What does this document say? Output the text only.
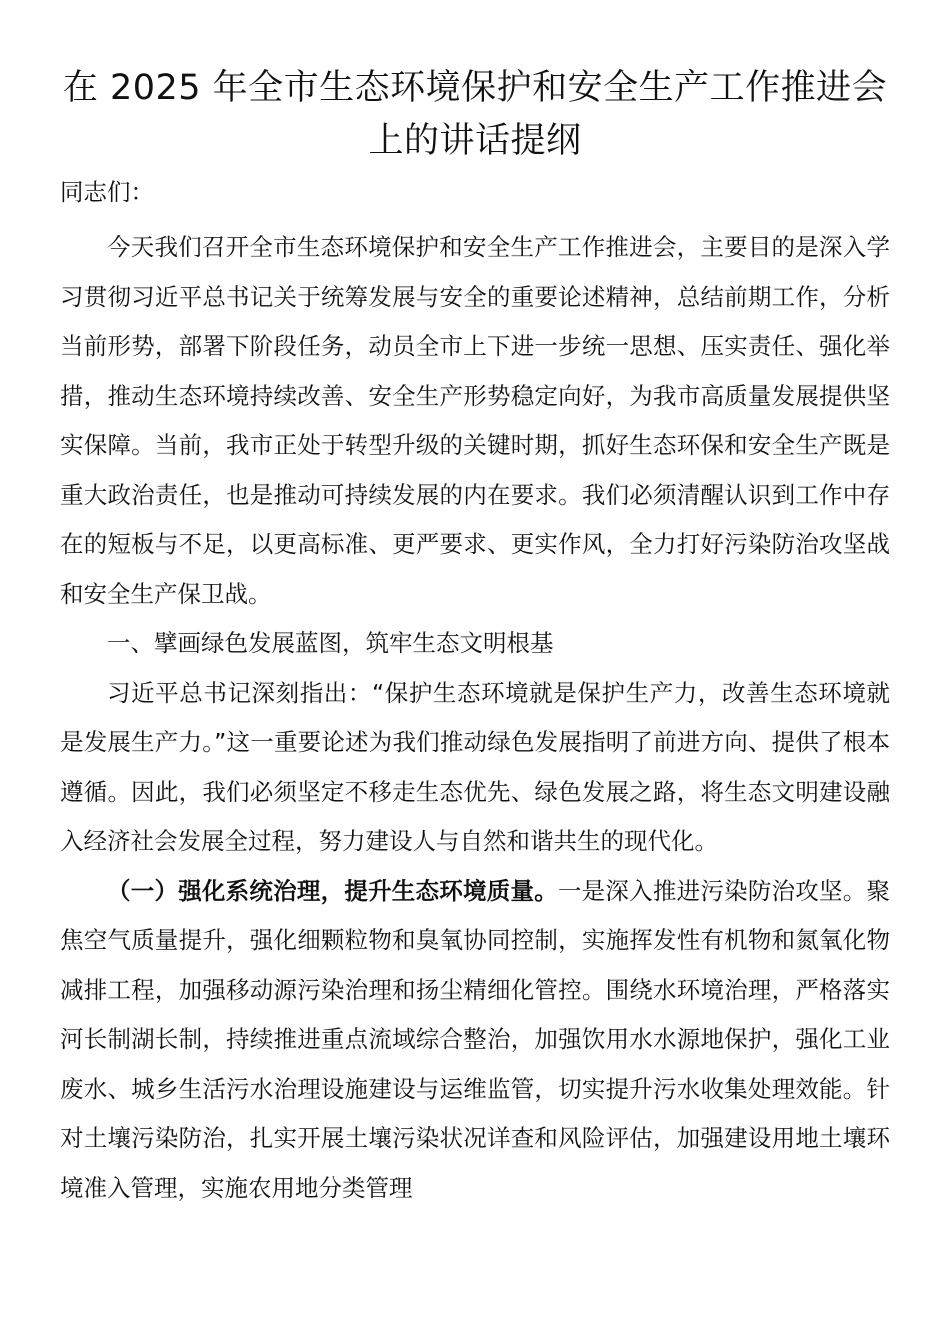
在 2025 年全市生态环境保护和安全生产工作推进会上的讲话提纲

同志们：

今天我们召开全市生态环境保护和安全生产工作推进会，主要目的是深入学习贯彻习近平总书记关于统筹发展与安全的重要论述精神，总结前期工作，分析当前形势，部署下阶段任务，动员全市上下进一步统一思想、压实责任、强化举措，推动生态环境持续改善、安全生产形势稳定向好，为我市高质量发展提供坚实保障。当前，我市正处于转型升级的关键时期，抓好生态环保和安全生产既是重大政治责任，也是推动可持续发展的内在要求。我们必须清醒认识到工作中存在的短板与不足，以更高标准、更严要求、更实作风，全力打好污染防治攻坚战和安全生产保卫战。

一、擘画绿色发展蓝图，筑牢生态文明根基

习近平总书记深刻指出：“保护生态环境就是保护生产力，改善生态环境就是发展生产力。”这一重要论述为我们推动绿色发展指明了前进方向、提供了根本遵循。因此，我们必须坚定不移走生态优先、绿色发展之路，将生态文明建设融入经济社会发展全过程，努力建设人与自然和谐共生的现代化。

（一）强化系统治理，提升生态环境质量。一是深入推进污染防治攻坚。聚焦空气质量提升，强化细颗粒物和臭氧协同控制，实施挥发性有机物和氮氧化物减排工程，加强移动源污染治理和扬尘精细化管控。围绕水环境治理，严格落实河长制湖长制，持续推进重点流域综合整治，加强饮用水水源地保护，强化工业废水、城乡生活污水治理设施建设与运维监管，切实提升污水收集处理效能。针对土壤污染防治，扎实开展土壤污染状况详查和风险评估，加强建设用地土壤环境准入管理，实施农用地分类管理
